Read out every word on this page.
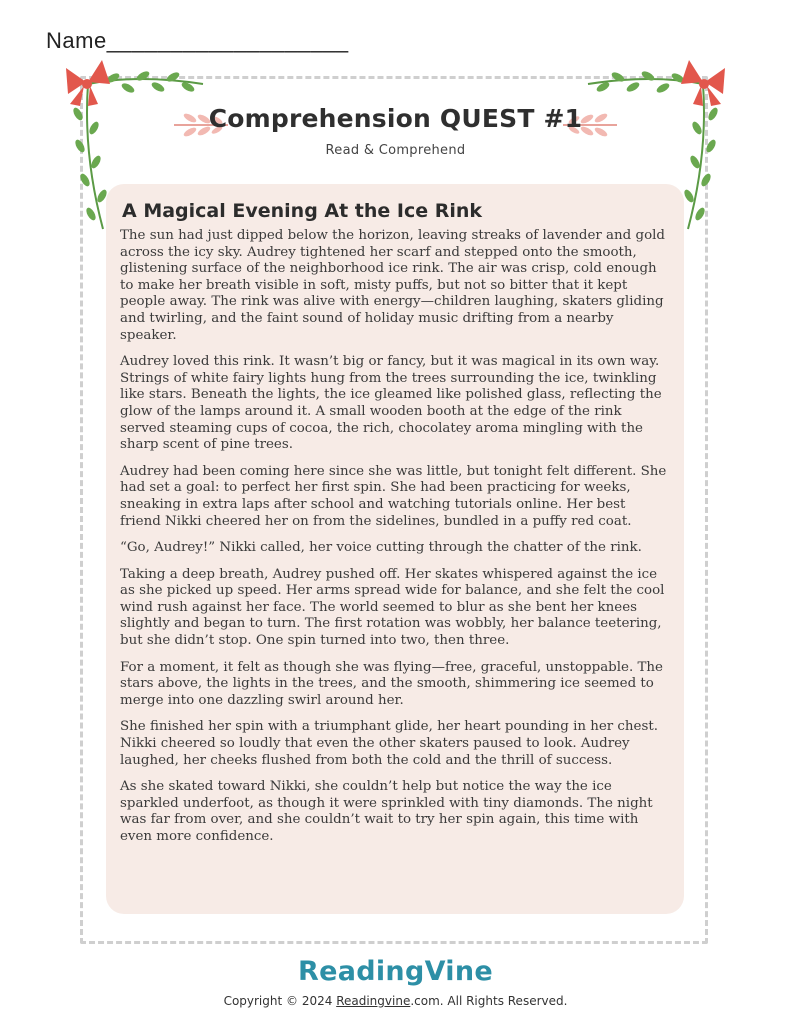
Name___________________
Comprehension QUEST #1
Read & Comprehend
A Magical Evening At the Ice Rink

The sun had just dipped below the horizon, leaving streaks of lavender and gold across the icy sky. Audrey tightened her scarf and stepped onto the smooth, glistening surface of the neighborhood ice rink. The air was crisp, cold enough to make her breath visible in soft, misty puffs, but not so bitter that it kept people away. The rink was alive with energy—children laughing, skaters gliding and twirling, and the faint sound of holiday music drifting from a nearby speaker.

Audrey loved this rink. It wasn’t big or fancy, but it was magical in its own way. Strings of white fairy lights hung from the trees surrounding the ice, twinkling like stars. Beneath the lights, the ice gleamed like polished glass, reflecting the glow of the lamps around it. A small wooden booth at the edge of the rink served steaming cups of cocoa, the rich, chocolatey aroma mingling with the sharp scent of pine trees.

Audrey had been coming here since she was little, but tonight felt different. She had set a goal: to perfect her first spin. She had been practicing for weeks, sneaking in extra laps after school and watching tutorials online. Her best friend Nikki cheered her on from the sidelines, bundled in a puffy red coat.

“Go, Audrey!” Nikki called, her voice cutting through the chatter of the rink.

Taking a deep breath, Audrey pushed off. Her skates whispered against the ice as she picked up speed. Her arms spread wide for balance, and she felt the cool wind rush against her face. The world seemed to blur as she bent her knees slightly and began to turn. The first rotation was wobbly, her balance teetering, but she didn’t stop. One spin turned into two, then three.

For a moment, it felt as though she was flying—free, graceful, unstoppable. The stars above, the lights in the trees, and the smooth, shimmering ice seemed to merge into one dazzling swirl around her.

She finished her spin with a triumphant glide, her heart pounding in her chest. Nikki cheered so loudly that even the other skaters paused to look. Audrey laughed, her cheeks flushed from both the cold and the thrill of success.

As she skated toward Nikki, she couldn’t help but notice the way the ice sparkled underfoot, as though it were sprinkled with tiny diamonds. The night was far from over, and she couldn’t wait to try her spin again, this time with even more confidence.

ReadingVine
Copyright © 2024 Readingvine.com. All Rights Reserved.
